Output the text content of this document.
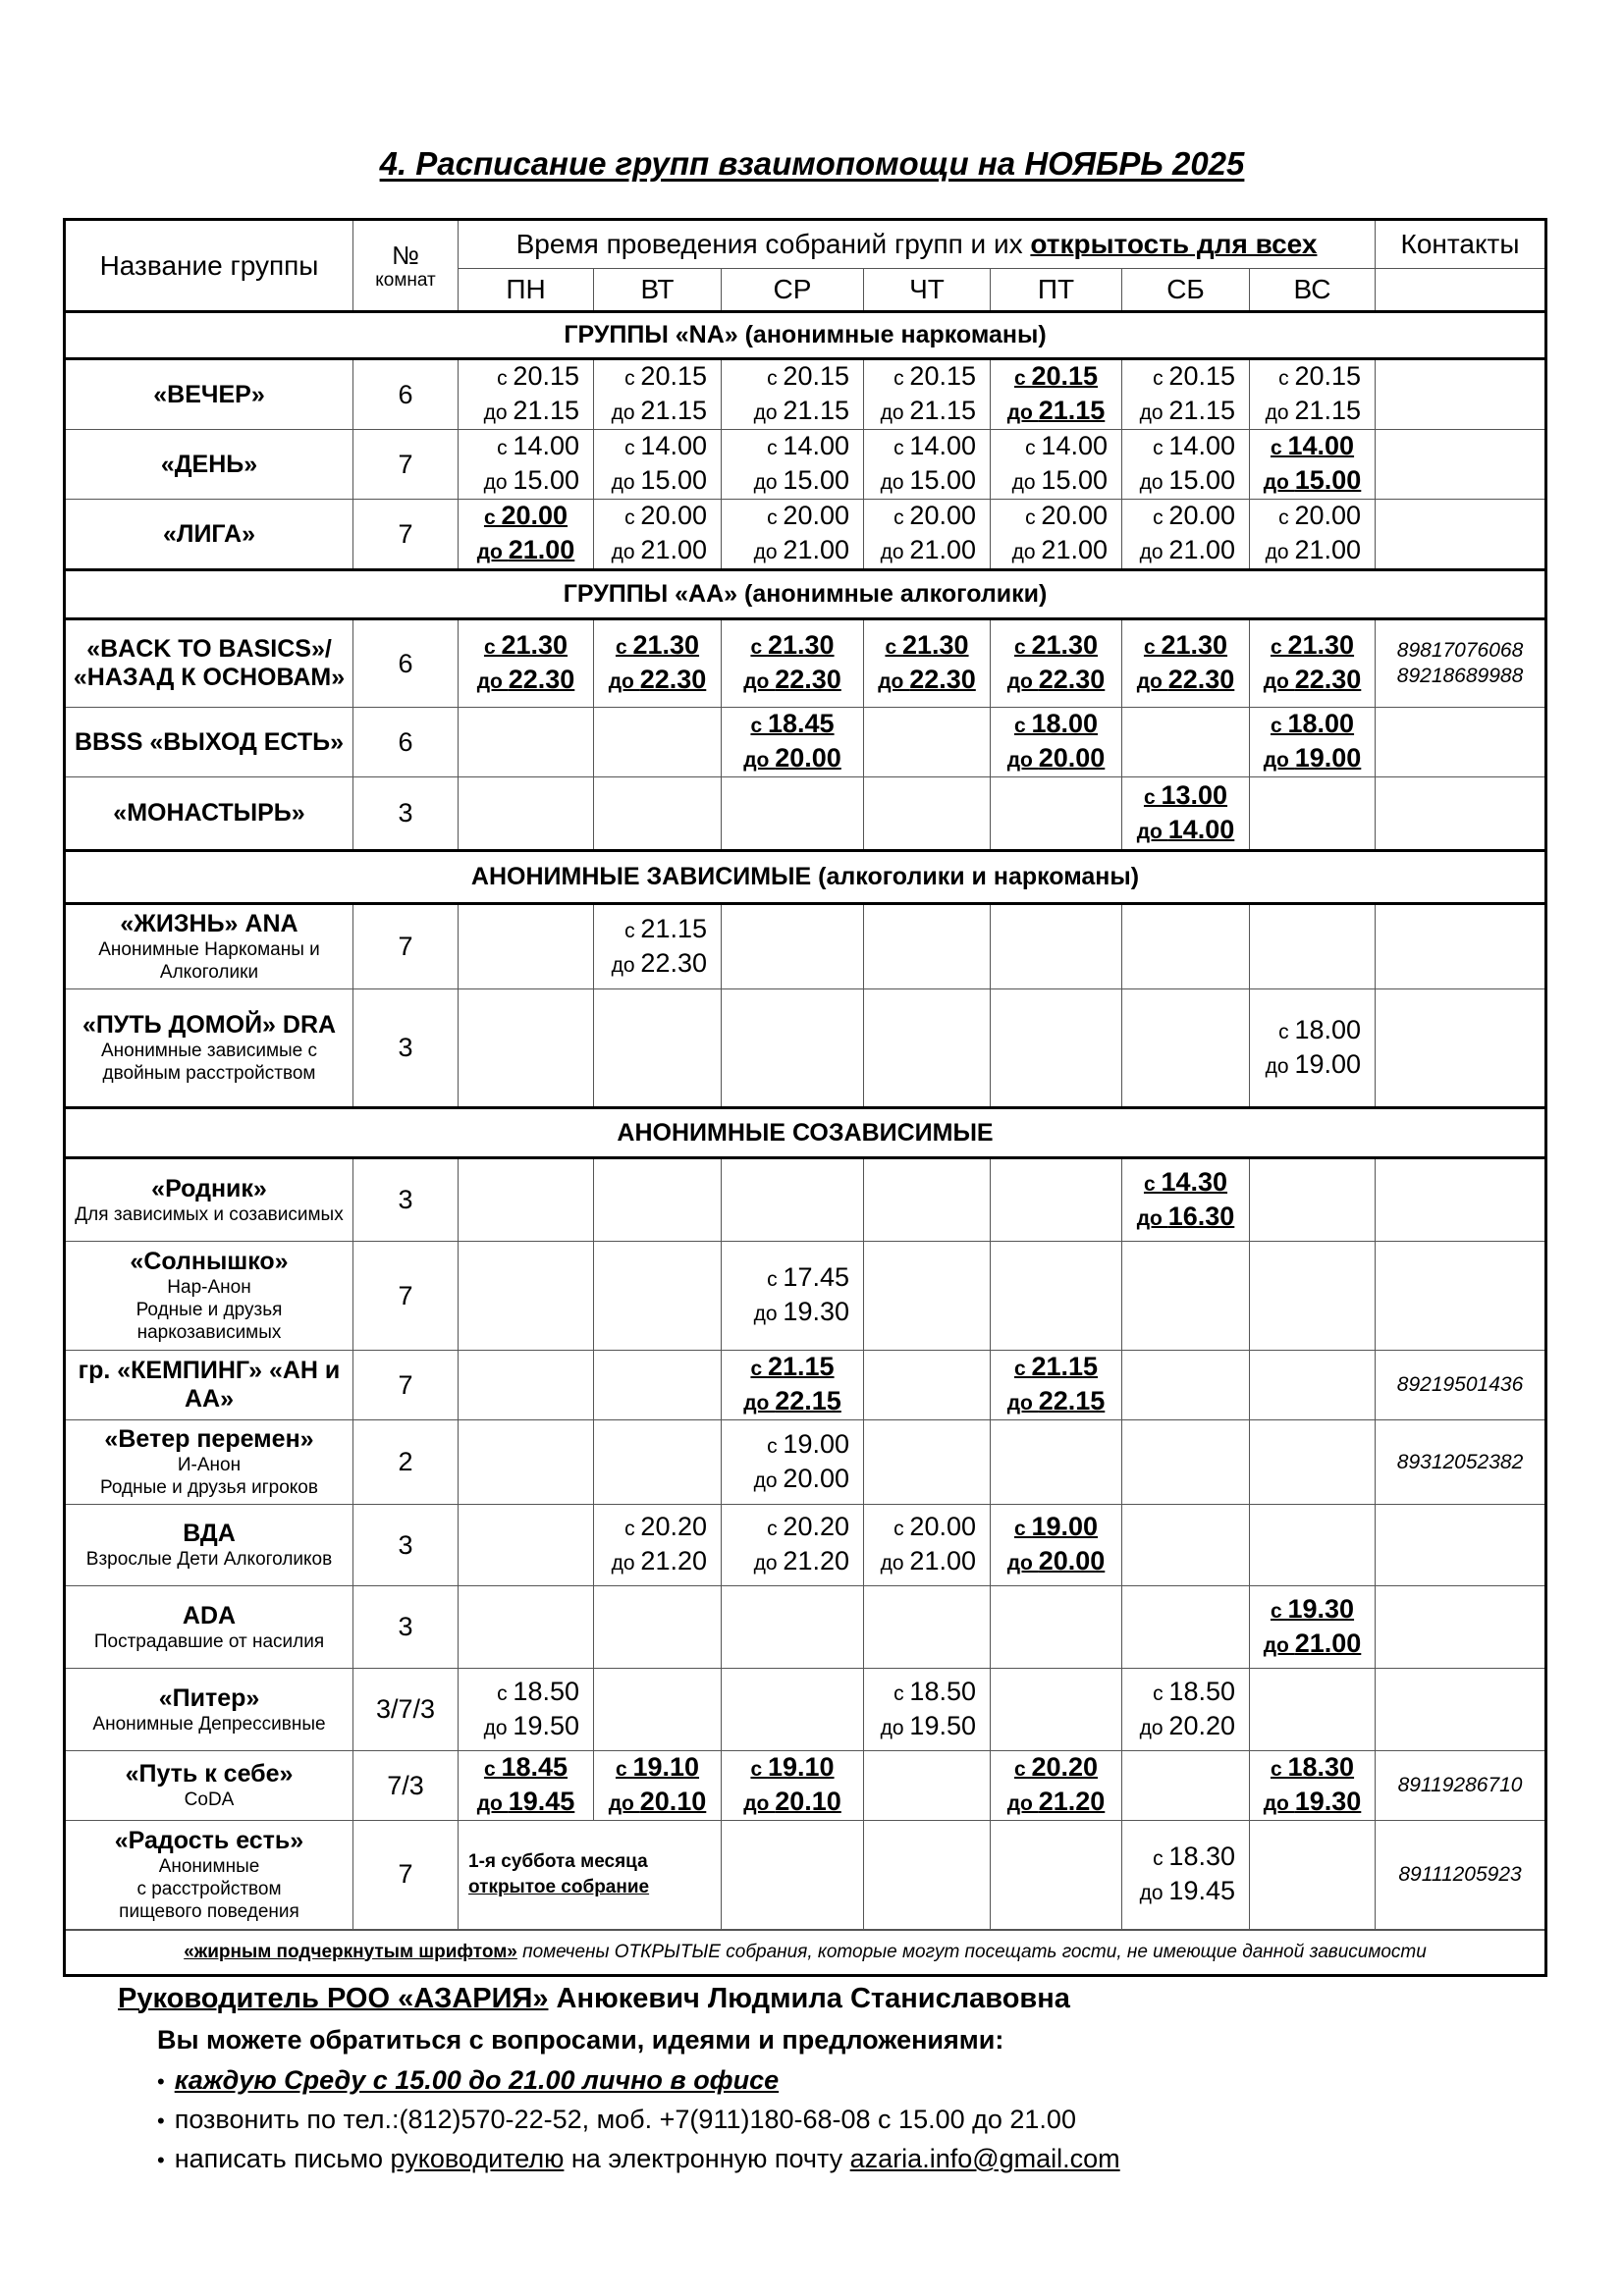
4. Расписание групп взаимопомощи на НОЯБРЬ 2025
Название группы	№
комнат	Время проведения собраний групп и их открытость для всех							Контакты
		ПН	ВТ	СР	ЧТ	ПТ	СБ	ВС	
ГРУППЫ «NA» (анонимные наркоманы)									

«ВЕЧЕР»	6	с 20.15
до 21.15	с 20.15
до 21.15	с 20.15
до 21.15	с 20.15
до 21.15	с 20.15
до 21.15	с 20.15
до 21.15	с 20.15
до 21.15	

«ДЕНЬ»	7	с 14.00
до 15.00	с 14.00
до 15.00	с 14.00
до 15.00	с 14.00
до 15.00	с 14.00
до 15.00	с 14.00
до 15.00	с 14.00
до 15.00	

«ЛИГА»	7	с 20.00
до 21.00	с 20.00
до 21.00	с 20.00
до 21.00	с 20.00
до 21.00	с 20.00
до 21.00	с 20.00
до 21.00	с 20.00
до 21.00	

ГРУППЫ «АА» (анонимные алкоголики)									

«BACK TO BASICS»/ «НАЗАД К ОСНОВАМ»	6	с 21.30
до 22.30	с 21.30
до 22.30	с 21.30
до 22.30	с 21.30
до 22.30	с 21.30
до 22.30	с 21.30
до 22.30	с 21.30
до 22.30	89817076068 89218689988

BBSS «ВЫХОД ЕСТЬ»	6			с 18.45
до 20.00		с 18.00
до 20.00		с 18.00
до 19.00	

«МОНАСТЫРЬ»	3						с 13.00
до 14.00		

АНОНИМНЫЕ ЗАВИСИМЫЕ (алкоголики и наркоманы)									

«ЖИЗНЬ» ANA
Анонимные Наркоманы и Алкоголики	7		с 21.15
до 22.30						

«ПУТЬ ДОМОЙ» DRA
Анонимные зависимые с двойным расстройством	3							с 18.00
до 19.00	

АНОНИМНЫЕ СОЗАВИСИМЫЕ									

«Родник»
Для зависимых и созависимых	3						с 14.30
до 16.30		

«Солнышко»
Нар-Анон
Родные и друзья наркозависимых	7			с 17.45
до 19.30					

гр. «КЕМПИНГ» «АН и АА»	7			с 21.15
до 22.15		с 21.15
до 22.15			89219501436

«Ветер перемен»
И-Анон
Родные и друзья игроков	2			с 19.00
до 20.00					89312052382

ВДА
Взрослые Дети Алкоголиков	3		с 20.20
до 21.20	с 20.20
до 21.20	с 20.00
до 21.00	с 19.00
до 20.00			

ADA
Пострадавшие от насилия	3							с 19.30
до 21.00	

«Питер»
Анонимные Депрессивные	3/7/3	с 18.50
до 19.50			с 18.50
до 19.50		с 18.50
до 20.20		

«Путь к себе»
CoDA	7/3	с 18.45
до 19.45	с 19.10
до 20.10	с 19.10
до 20.10		с 20.20
до 21.20		с 18.30
до 19.30	89119286710

«Радость есть»
Анонимные
с расстройством
пищевого поведения	7	1-я суббота месяца
открытое собрание					с 18.30
до 19.45		89111205923
«жирным подчеркнутым шрифтом» помечены ОТКРЫТЫЕ собрания, которые могут посещать гости, не имеющие данной зависимости									
Руководитель РОО «АЗАРИЯ» Анюкевич Людмила Станиславовна
Вы можете обратиться с вопросами, идеями и предложениями:
• каждую Среду с 15.00 до 21.00 лично в офисе
• позвонить по тел.:(812)570-22-52, моб. +7(911)180-68-08 с 15.00 до 21.00
• написать письмо руководителю на электронную почту azaria.info@gmail.com
